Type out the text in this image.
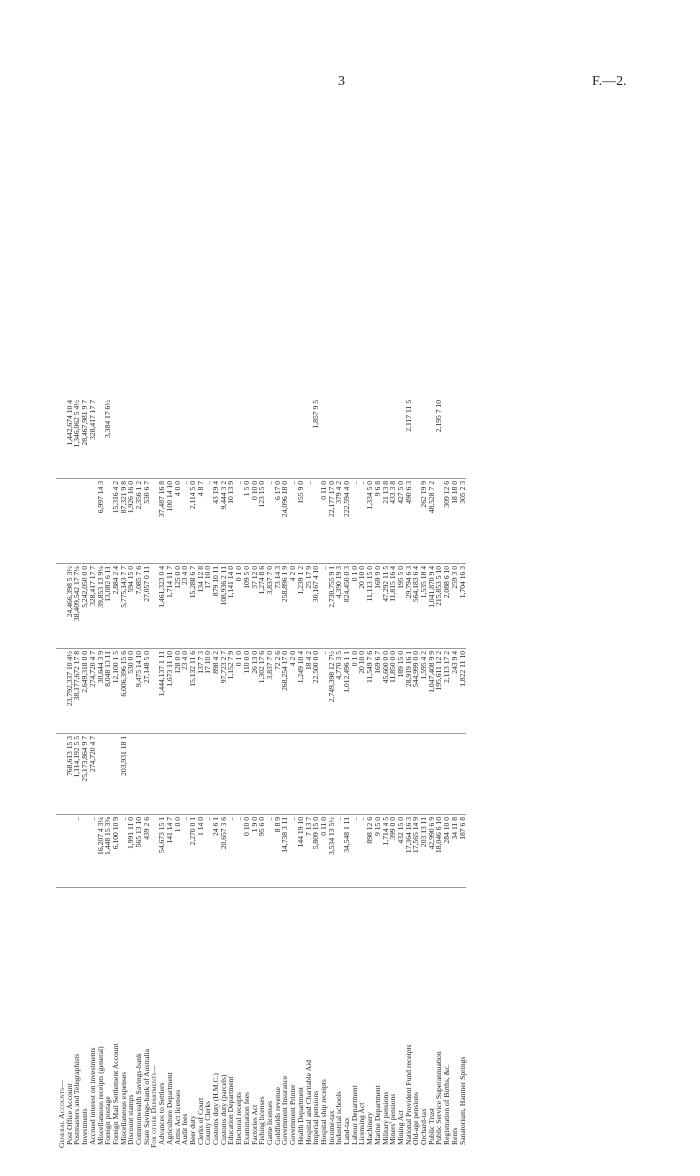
3	F.—2.
General Accounts—						
Post Office Account		768,613 15 3	23,792,337 10 4½	24,466,398 5 3½		1,442,674 10 4
Postmasters and Telegraphists	..	1,114,192 5 5	38,177,672 17 8	38,409,542 17 7¼		1,346,062 5 4½
Investments		25,173,864 9 7	2,649,318 0 0	5,242,050 0 0		28,467,981 9 7
Accrued interest on investments	..	274,720 4 7	274,720 4 7	328,417 17 7		328,417 17 7
Miscellaneous receipts (general)	16,207 4 3¼		30,644 3 9	39,853 13 9¼	6,997 14 3	
Foreign postage	1,448 15 3⅝		8,048 13 11	13,082 6 11		3,384 17 6½
Foreign Mail Settlement Account	6,100 10 9		12,100 1 5	2,884 2 4	15,316 4 2	
Miscellaneous expenses	..	203,931 18 1	6,006,396 15 6	5,775,143 7 7	87,321 9 8	
Discount stamps	1,991 11 0		530 0 0	594 15 0	1,926 16 0	
Commonwealth Savings-bank	565 13 10		9,475 14 10	7,085 7 6	2,356 1 2	
State Savings-bank of Australia	439 2 6		27,148 5 0	27,057 0 11	530 6 7	
For other Departments—						
Advances to Settlers	54,673 15 1		1,444,137 1 11	1,461,323 0 4	37,487 16 8	
Agriculture Department	141 14 7		1,673 11 10	1,714 11 7	100 14 10	
Arms Act licenses	1 0 0		128 0 0	125 0 0	4 0 0	
Audit fees	..		23 4 0	23 4 0	..	
Beer duty	2,270 0 1		15,132 11 6	15,288 6 7	2,114 5 0	
Clerks of Court	1 14 0		137 7 3	134 12 8	4 8 7	
County Clerks	..		17 10 0	17 10 0	..	
Customs duty (H.M.C.)	24 6 1		898 4 2	879 10 11	43 19 4	
Customs duty (parcels)	20,657 3 6		97,723 2 7	108,936 2 11	9,444 3 2	
Education Department	..		1,152 7 9	1,141 14 0	10 13 9	
Electoral receipts	..		0 1 0	0 1 0	..	
Examination fees	0 10 0		110 0 0	109 5 0	1 5 0	
Factories Act	1 9 0		26 13 0	37 12 0	0 10 0	
Fishing licenses	95 6 0		1,302 17 6	1,274 8 6	123 15 0	
Game licenses	..		3,837 7 0	3,837 7 0	..	
Goldfields revenue	8 8 9		72 2 6	73 14 3	6 17 0	
Government Insurance	14,738 3 11		268,254 17 0	258,896 1 9	24,096 18 0	
Government Printer	..		4 2 0	4 2 0	..	
Health Department	144 19 10		1,249 10 4	1,239 1 2	155 9 0	
Hospital and Charitable Aid	7 13 7		18 4 2	25 17 9	..	
Imperial pensions	5,809 15 0		22,500 0 0	30,167 4 10		1,857 9 5
Hospital ship receipts	0 11 0		..	..	0 11 0	
Income-tax	3,534 13 5½		2,749,398 12 7½	2,730,755 9 1	22,177 17 0	
Industrial schools	..		4,770 3 5	4,390 19 3	379 4 2	
Land-tax	34,548 1 11		1,012,496 1 1	824,450 0 3	222,594 4 0	
Labour Department	..		0 1 0	0 1 0	..	
Licensing Act	..		20 10 0	20 10 0	..	
Machinery	898 12 6		11,549 7 6	11,113 15 0	1,334 5 0	
Marine Department	9 15 0		169 6 7	169 9 0	9 6 8	
Military pensions	1,714 4 5		45,600 0 0	47,292 11 5	21 13 8	
Miners' pensions	399 0 0		11,850 0 0	11,815 16 4	433 3 8	
Mining Act	432 15 0		189 15 0	195 5 0	427 5 0	
National Provident Fund receipts	17,364 16 3		28,919 16 1	29,794 6 3	490 6 3	2,117 11 5
Old-age pensions	17,565 14 9		544,999 0 0	564,183 6 4		
Orchard-tax	203 13 11		1,595 4 2	1,535 18 4	262 19 9	
Public Trust	42,990 6 9		1,047,408 9 9	1,041,870 9 4	48,528 7 2	
Public Service Superannuation	18,046 6 10		195,611 12 2	215,853 5 10		2,195 7 10
Registration of Births, &c.	284 10 0		2,113 17 2	2,088 6 10	309 12 6	
Rents	34 11 8		243 9 4	259 3 0	18 18 0	
Sanatorium, Hanmer Springs	187 6 8		1,822 11 10	1,704 16 3	305 2 3	
